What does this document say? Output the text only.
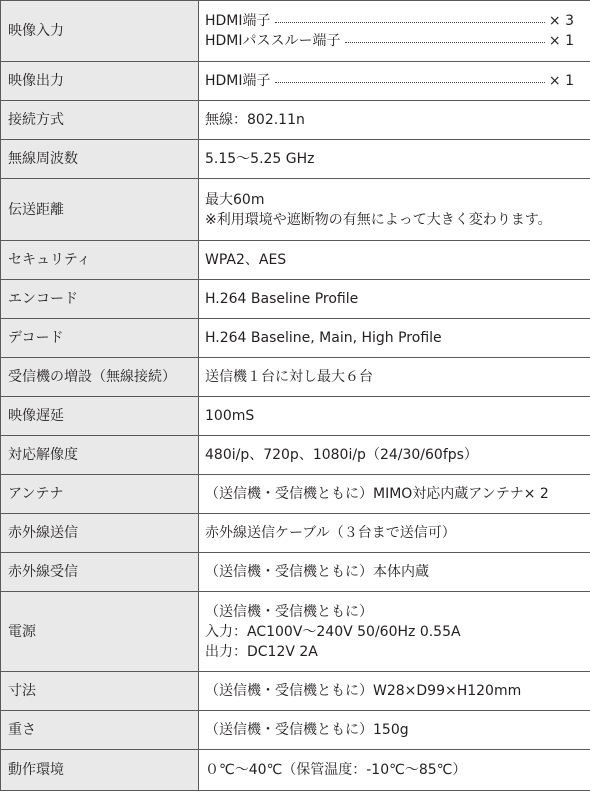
映像入力	HDMI端子 × 3
HDMIパススルー端子 × 1

映像出力	HDMI端子 × 1

接続方式	無線：802.11n

無線周波数	5.15〜5.25 GHz

伝送距離	最大60m
※利用環境や遮断物の有無によって大きく変わります。

セキュリティ	WPA2、AES

エンコード	H.264 Baseline Profile

デコード	H.264 Baseline, Main, High Profile

受信機の増設（無線接続）	送信機１台に対し最大６台

映像遅延	100mS

対応解像度	480i/p、720p、1080i/p（24/30/60fps）

アンテナ	（送信機・受信機ともに）MIMO対応内蔵アンテナ× 2

赤外線送信	赤外線送信ケーブル（３台まで送信可）

赤外線受信	（送信機・受信機ともに）本体内蔵

電源	（送信機・受信機ともに）
入力：AC100V〜240V 50/60Hz 0.55A
出力：DC12V 2A

寸法	（送信機・受信機ともに）W28×D99×H120mm

重さ	（送信機・受信機ともに）150g

動作環境	０℃〜40℃（保管温度：-10℃〜85℃）
